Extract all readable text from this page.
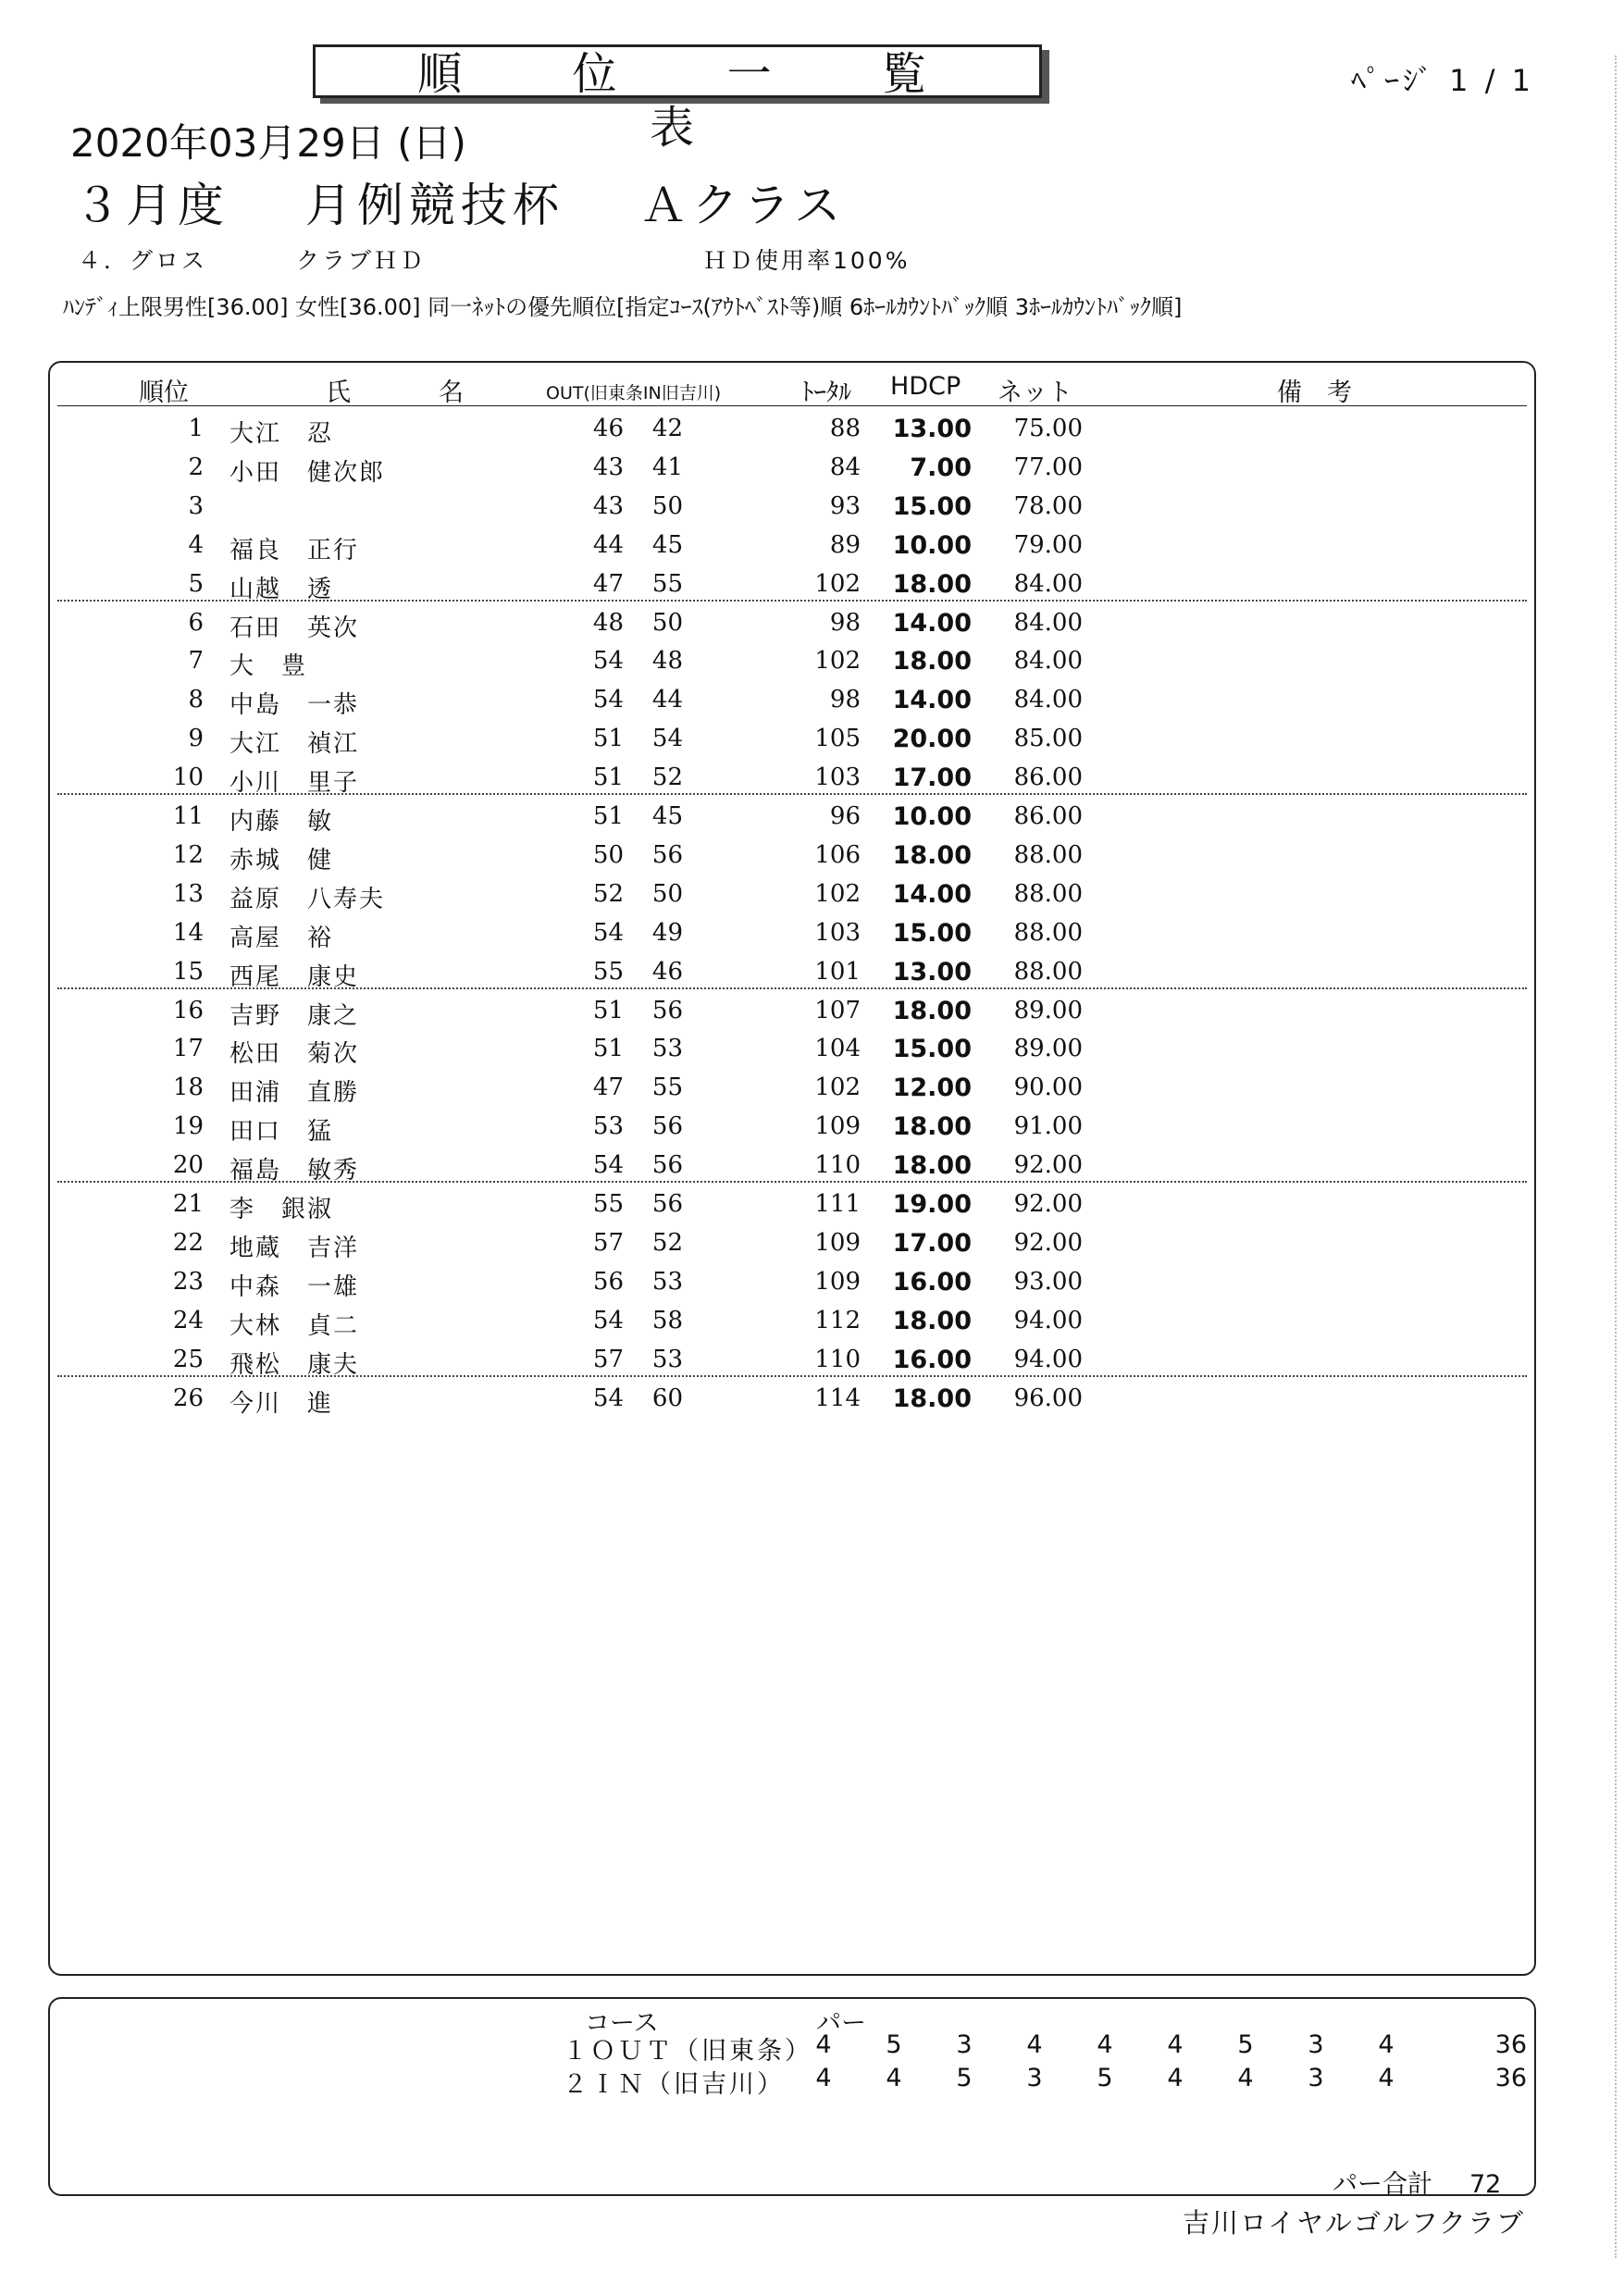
順 位 一 覧 表
ﾍﾟｰｼﾞ 1 / 1
2020年03月29日 (日)
３月度 月例競技杯 Ａクラス
４．グロス	クラブＨＤ	ＨＤ使用率100%
ﾊﾝﾃﾞｨ上限男性[36.00] 女性[36.00] 同一ﾈｯﾄの優先順位[指定ｺｰｽ(ｱｳﾄﾍﾞｽﾄ等)順 6ﾎｰﾙｶｳﾝﾄﾊﾞｯｸ順 3ﾎｰﾙｶｳﾝﾄﾊﾞｯｸ順]
順位	氏	名	OUT(旧東条IN旧吉川)	ﾄｰﾀﾙ HDCP ネット	備　考
1 大江　忍	46	42	88	13.00	75.00
2 小田　健次郎	43	41	84	7.00	77.00
3	43	50	93	15.00	78.00
4 福良　正行	44	45	89	10.00	79.00
5 山越　透	47	55	102	18.00	84.00
6 石田　英次	48	50	98	14.00	84.00
7 大　豊	54	48	102	18.00	84.00
8 中島　一恭	54	44	98	14.00	84.00
9 大江　禎江	51	54	105	20.00	85.00
10 小川　里子	51	52	103	17.00	86.00
11 内藤　敏	51	45	96	10.00	86.00
12 赤城　健	50	56	106	18.00	88.00
13 益原　八寿夫	52	50	102	14.00	88.00
14 高屋　裕	54	49	103	15.00	88.00
15 西尾　康史	55	46	101	13.00	88.00
16 吉野　康之	51	56	107	18.00	89.00
17 松田　菊次	51	53	104	15.00	89.00
18 田浦　直勝	47	55	102	12.00	90.00
19 田口　猛	53	56	109	18.00	91.00
20 福島　敏秀	54	56	110	18.00	92.00
21 李　銀淑	55	56	111	19.00	92.00
22 地蔵　吉洋	57	52	109	17.00	92.00
23 中森　一雄	56	53	109	16.00	93.00
24 大林　貞二	54	58	112	18.00	94.00
25 飛松　康夫	57	53	110	16.00	94.00
26 今川　進	54	60	114	18.00	96.00
コース	パー
１ＯＵＴ（旧東条） 4	5	3	4	4	4	5	3	4	36
２ＩＮ（旧吉川）	4	4	5	3	5	4	4	3	4	36
パー合計 72
吉川ロイヤルゴルフクラブ
